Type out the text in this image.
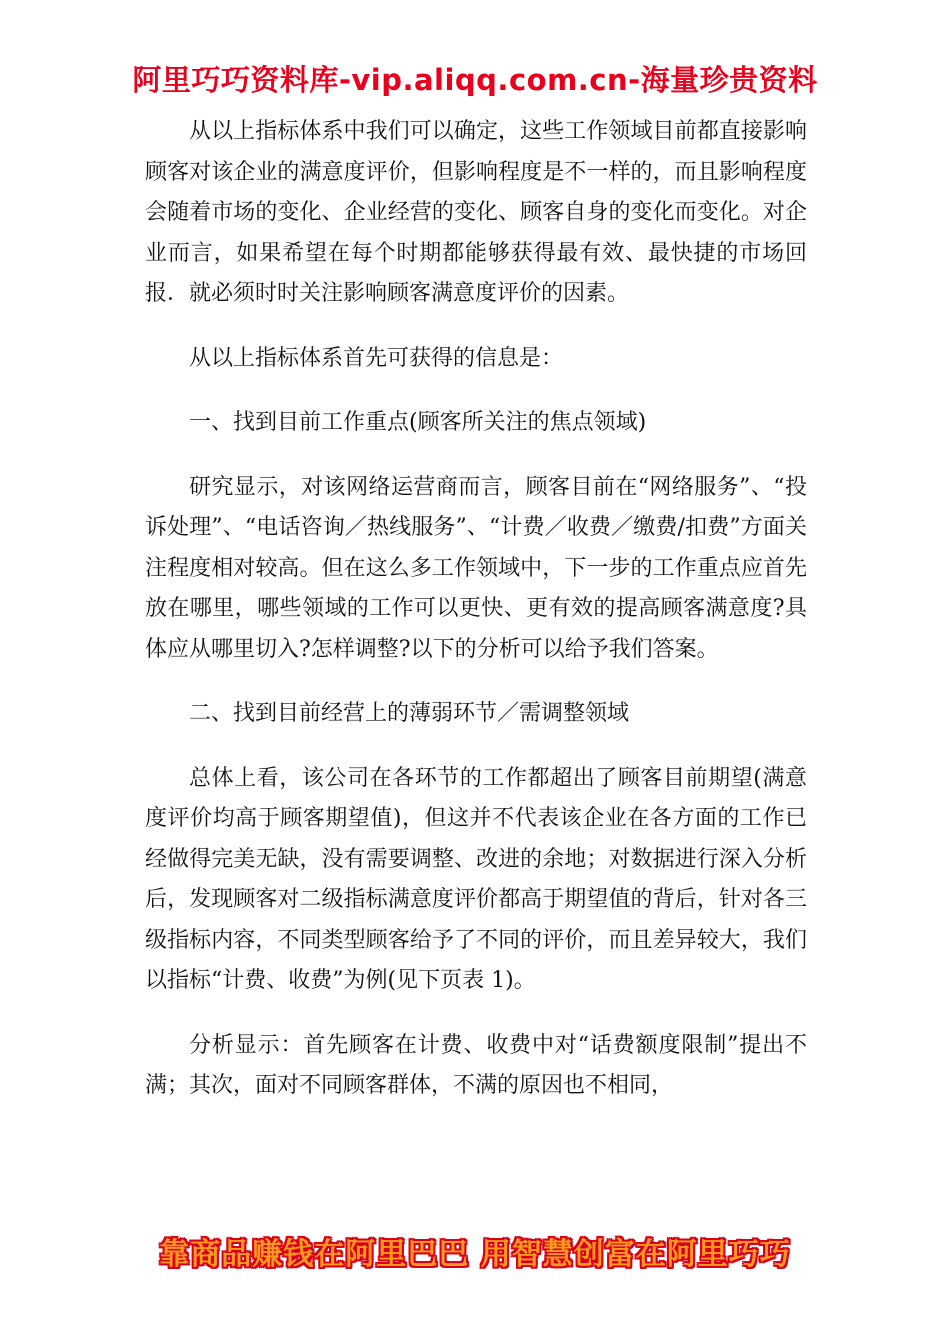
阿里巧巧资料库-vip.aliqq.com.cn-海量珍贵资料

从以上指标体系中我们可以确定，这些工作领域目前都直接影响顾客对该企业的满意度评价，但影响程度是不一样的，而且影响程度会随着市场的变化、企业经营的变化、顾客自身的变化而变化。对企业而言，如果希望在每个时期都能够获得最有效、最快捷的市场回报．就必须时时关注影响顾客满意度评价的因素。

从以上指标体系首先可获得的信息是：

一、找到目前工作重点(顾客所关注的焦点领域)

研究显示，对该网络运营商而言，顾客目前在“网络服务”、“投诉处理”、“电话咨询／热线服务”、“计费／收费／缴费/扣费”方面关注程度相对较高。但在这么多工作领域中，下一步的工作重点应首先放在哪里，哪些领域的工作可以更快、更有效的提高顾客满意度?具体应从哪里切入?怎样调整?以下的分析可以给予我们答案。

二、找到目前经营上的薄弱环节／需调整领域

总体上看，该公司在各环节的工作都超出了顾客目前期望(满意度评价均高于顾客期望值)，但这并不代表该企业在各方面的工作已经做得完美无缺，没有需要调整、改进的余地；对数据进行深入分析后，发现顾客对二级指标满意度评价都高于期望值的背后，针对各三级指标内容，不同类型顾客给予了不同的评价，而且差异较大，我们以指标“计费、收费”为例(见下页表 1)。

分析显示：首先顾客在计费、收费中对“话费额度限制”提出不满；其次，面对不同顾客群体，不满的原因也不相同，

靠商品赚钱在阿里巴巴 用智慧创富在阿里巧巧
